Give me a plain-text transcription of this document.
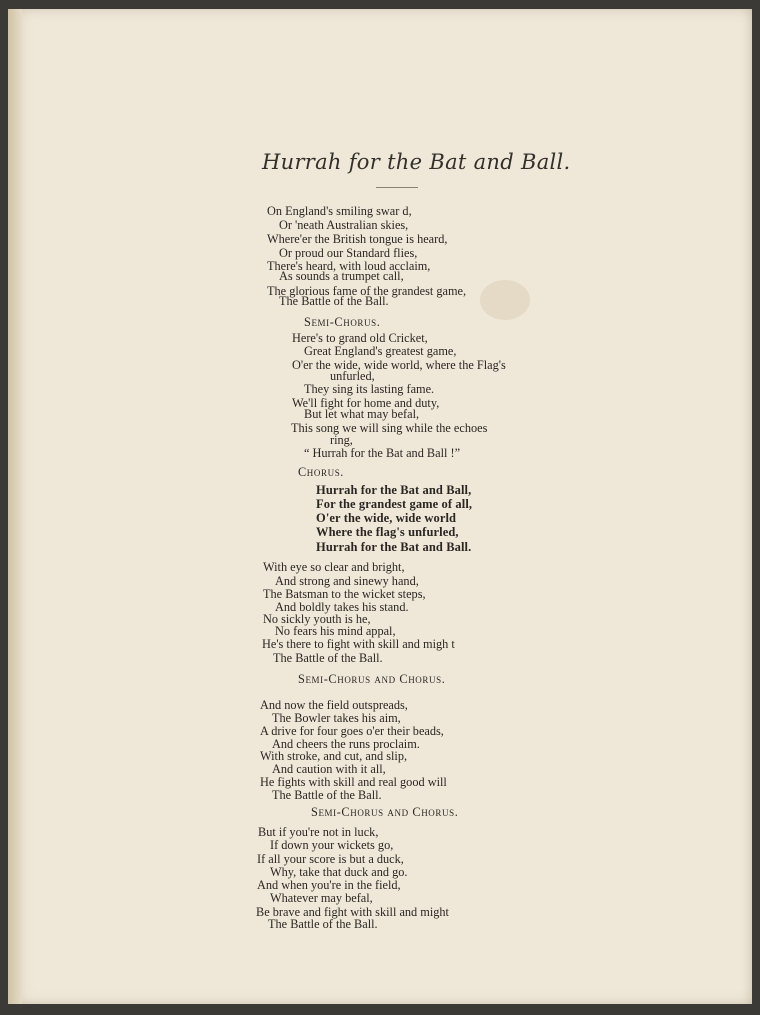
Hurrah for the Bat and Ball.
On England's smiling swar d,
Or 'neath Australian skies,
Where'er the British tongue is heard,
Or proud our Standard flies,
There's heard, with loud acclaim,
As sounds a trumpet call,
The glorious fame of the grandest game,
The Battle of the Ball.
Semi-Chorus.
Here's to grand old Cricket,
Great England's greatest game,
O'er the wide, wide world, where the Flag's
unfurled,
They sing its lasting fame.
We'll fight for home and duty,
But let what may befal,
This song we will sing while the echoes
ring,
“ Hurrah for the Bat and Ball !”
Chorus.
Hurrah for the Bat and Ball,
For the grandest game of all,
O'er the wide, wide world
Where the flag's unfurled,
Hurrah for the Bat and Ball.
With eye so clear and bright,
And strong and sinewy hand,
The Batsman to the wicket steps,
And boldly takes his stand.
No sickly youth is he,
No fears his mind appal,
He's there to fight with skill and migh t
The Battle of the Ball.
Semi-Chorus and Chorus.
And now the field outspreads,
The Bowler takes his aim,
A drive for four goes o'er their beads,
And cheers the runs proclaim.
With stroke, and cut, and slip,
And caution with it all,
He fights with skill and real good will
The Battle of the Ball.
Semi-Chorus and Chorus.
But if you're not in luck,
If down your wickets go,
If all your score is but a duck,
Why, take that duck and go.
And when you're in the field,
Whatever may befal,
Be brave and fight with skill and might
The Battle of the Ball.
